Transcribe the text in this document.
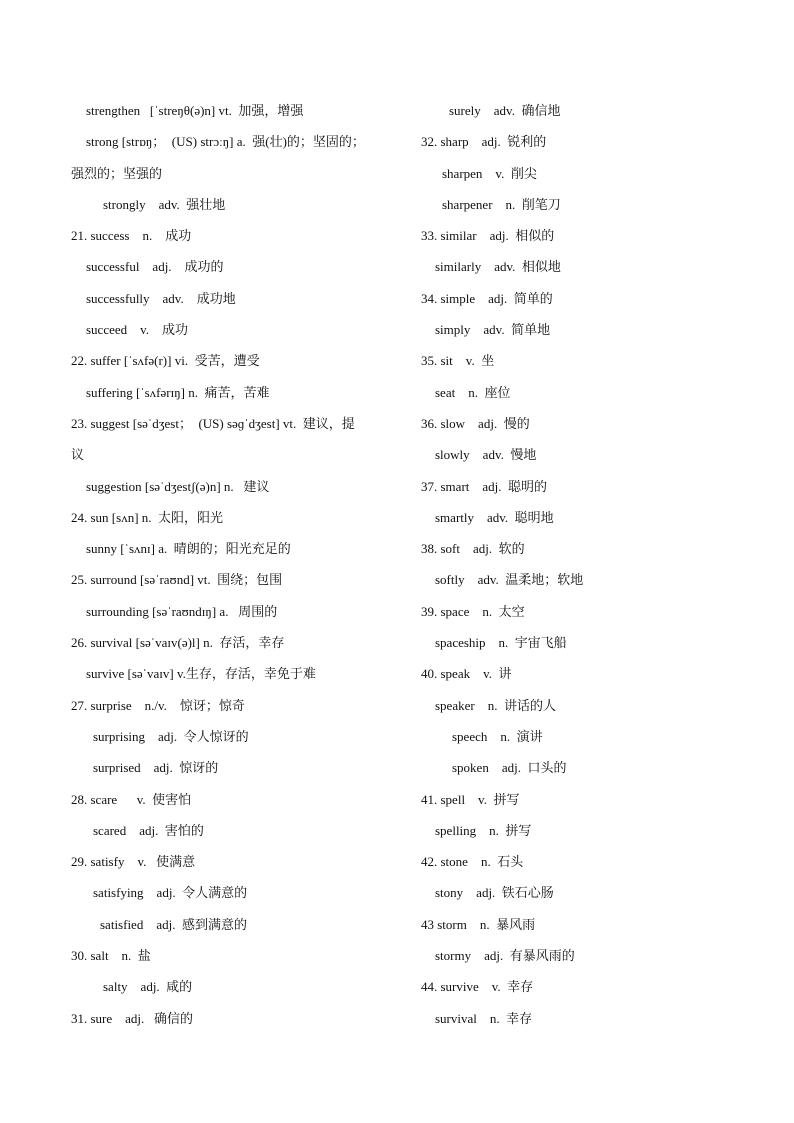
strengthen   [ˈstreŋθ(ə)n] vt.  加强，增强
strong [strɒŋ；  (US) strɔːŋ] a.  强(壮)的；坚固的；
强烈的；坚强的
strongly    adv.  强壮地
21. success    n.    成功
successful    adj.    成功的
successfully    adv.    成功地
succeed    v.    成功
22. suffer [ˈsʌfə(r)] vi.  受苦，遭受
suffering [ˈsʌfərɪŋ] n.  痛苦，苦难
23. suggest [səˈdʒest；  (US) səɡˈdʒest] vt.  建议，提
议
suggestion [səˈdʒestʃ(ə)n] n.   建议
24. sun [sʌn] n.  太阳，阳光
sunny [ˈsʌnɪ] a.  晴朗的；阳光充足的
25. surround [səˈraʊnd] vt.  围绕；包围
surrounding [səˈraʊndɪŋ] a.   周围的
26. survival [səˈvaɪv(ə)l] n.  存活，幸存
survive [səˈvaɪv] v.生存，存活，幸免于难
27. surprise    n./v.    惊讶；惊奇
surprising    adj.  令人惊讶的
surprised    adj.  惊讶的
28. scare      v.  使害怕
scared    adj.  害怕的
29. satisfy    v.   使满意
satisfying    adj.  令人满意的
satisfied    adj.  感到满意的
30. salt    n.  盐
salty    adj.  咸的
31. sure    adj.   确信的
surely    adv.  确信地
32. sharp    adj.  锐利的
sharpen    v.  削尖
sharpener    n.  削笔刀
33. similar    adj.  相似的
similarly    adv.  相似地
34. simple    adj.  简单的
simply    adv.  简单地
35. sit    v.  坐
seat    n.  座位
36. slow    adj.  慢的
slowly    adv.  慢地
37. smart    adj.  聪明的
smartly    adv.  聪明地
38. soft    adj.  软的
softly    adv.  温柔地；软地
39. space    n.  太空
spaceship    n.  宇宙飞船
40. speak    v.  讲
speaker    n.  讲话的人
speech    n.  演讲
spoken    adj.  口头的
41. spell    v.  拼写
spelling    n.  拼写
42. stone    n.  石头
stony    adj.  铁石心肠
43 storm    n.  暴风雨
stormy    adj.  有暴风雨的
44. survive    v.  幸存
survival    n.  幸存
